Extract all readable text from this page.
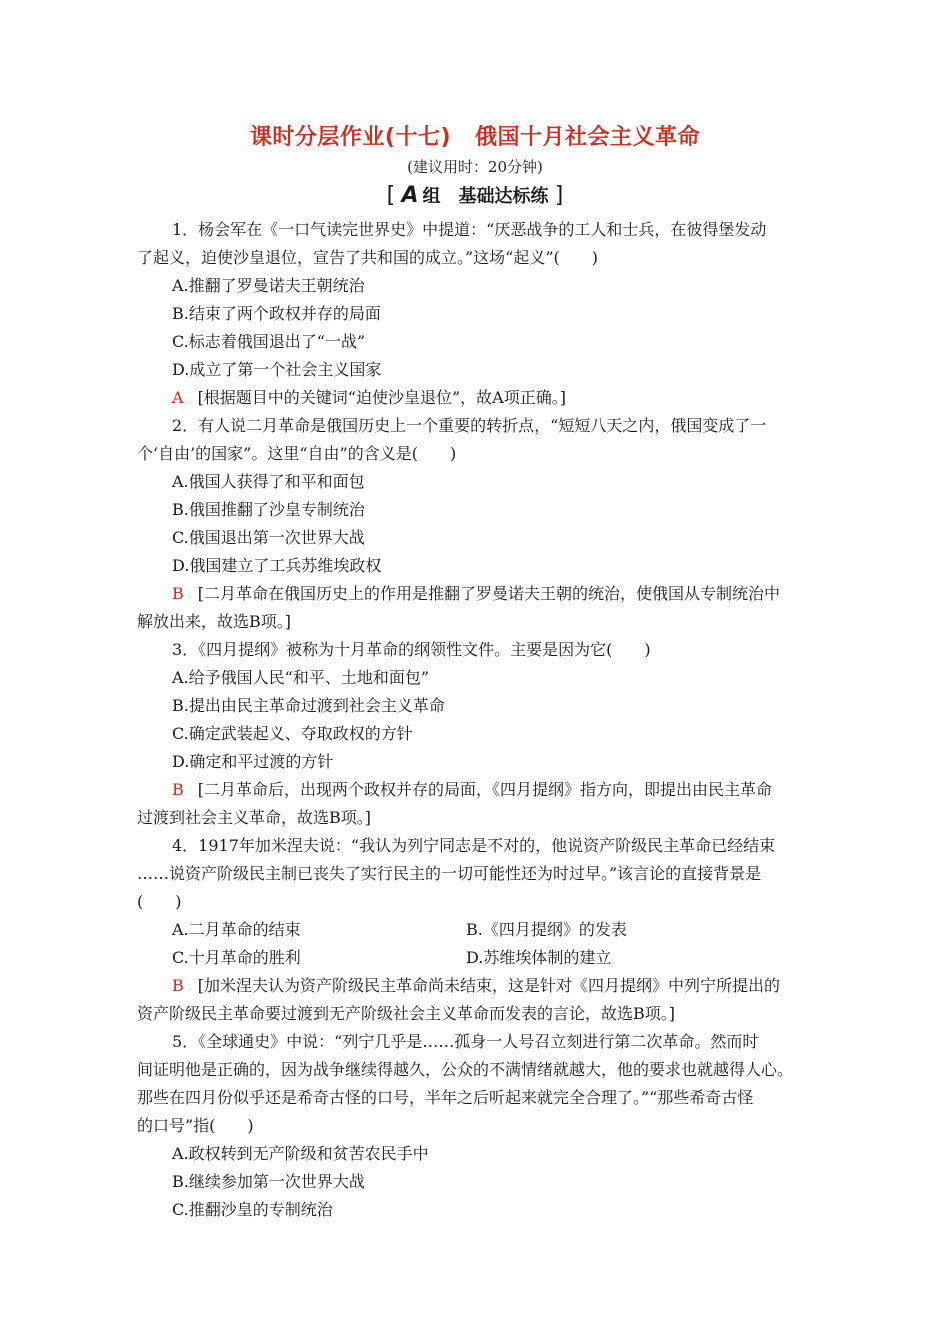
课时分层作业(十七) 俄国十月社会主义革命
(建议用时：20分钟)
[ A 组　基础达标练 ]
1．杨会军在《一口气读完世界史》中提道：“厌恶战争的工人和士兵，在彼得堡发动
了起义，迫使沙皇退位，宣告了共和国的成立。”这场“起义”(　　)
A.推翻了罗曼诺夫王朝统治
B.结束了两个政权并存的局面
C.标志着俄国退出了“一战”
D.成立了第一个社会主义国家
A [根据题目中的关键词“迫使沙皇退位”，故A项正确。]
2．有人说二月革命是俄国历史上一个重要的转折点，“短短八天之内，俄国变成了一
个‘自由’的国家”。这里“自由”的含义是(　　)
A.俄国人获得了和平和面包
B.俄国推翻了沙皇专制统治
C.俄国退出第一次世界大战
D.俄国建立了工兵苏维埃政权
B [二月革命在俄国历史上的作用是推翻了罗曼诺夫王朝的统治，使俄国从专制统治中
解放出来，故选B项。]
3．《四月提纲》被称为十月革命的纲领性文件。主要是因为它(　　)
A.给予俄国人民“和平、土地和面包”
B.提出由民主革命过渡到社会主义革命
C.确定武装起义、夺取政权的方针
D.确定和平过渡的方针
B [二月革命后，出现两个政权并存的局面，《四月提纲》指方向，即提出由民主革命
过渡到社会主义革命，故选B项。]
4．1917年加米涅夫说：“我认为列宁同志是不对的，他说资产阶级民主革命已经结束
……说资产阶级民主制已丧失了实行民主的一切可能性还为时过早。”该言论的直接背景是
(　　)
A.二月革命的结束	B.《四月提纲》的发表
C.十月革命的胜利	D.苏维埃体制的建立
B [加米涅夫认为资产阶级民主革命尚未结束，这是针对《四月提纲》中列宁所提出的
资产阶级民主革命要过渡到无产阶级社会主义革命而发表的言论，故选B项。]
5．《全球通史》中说：“列宁几乎是……孤身一人号召立刻进行第二次革命。然而时
间证明他是正确的，因为战争继续得越久，公众的不满情绪就越大，他的要求也就越得人心。
那些在四月份似乎还是希奇古怪的口号，半年之后听起来就完全合理了。”“那些希奇古怪
的口号”指(　　)
A.政权转到无产阶级和贫苦农民手中
B.继续参加第一次世界大战
C.推翻沙皇的专制统治
